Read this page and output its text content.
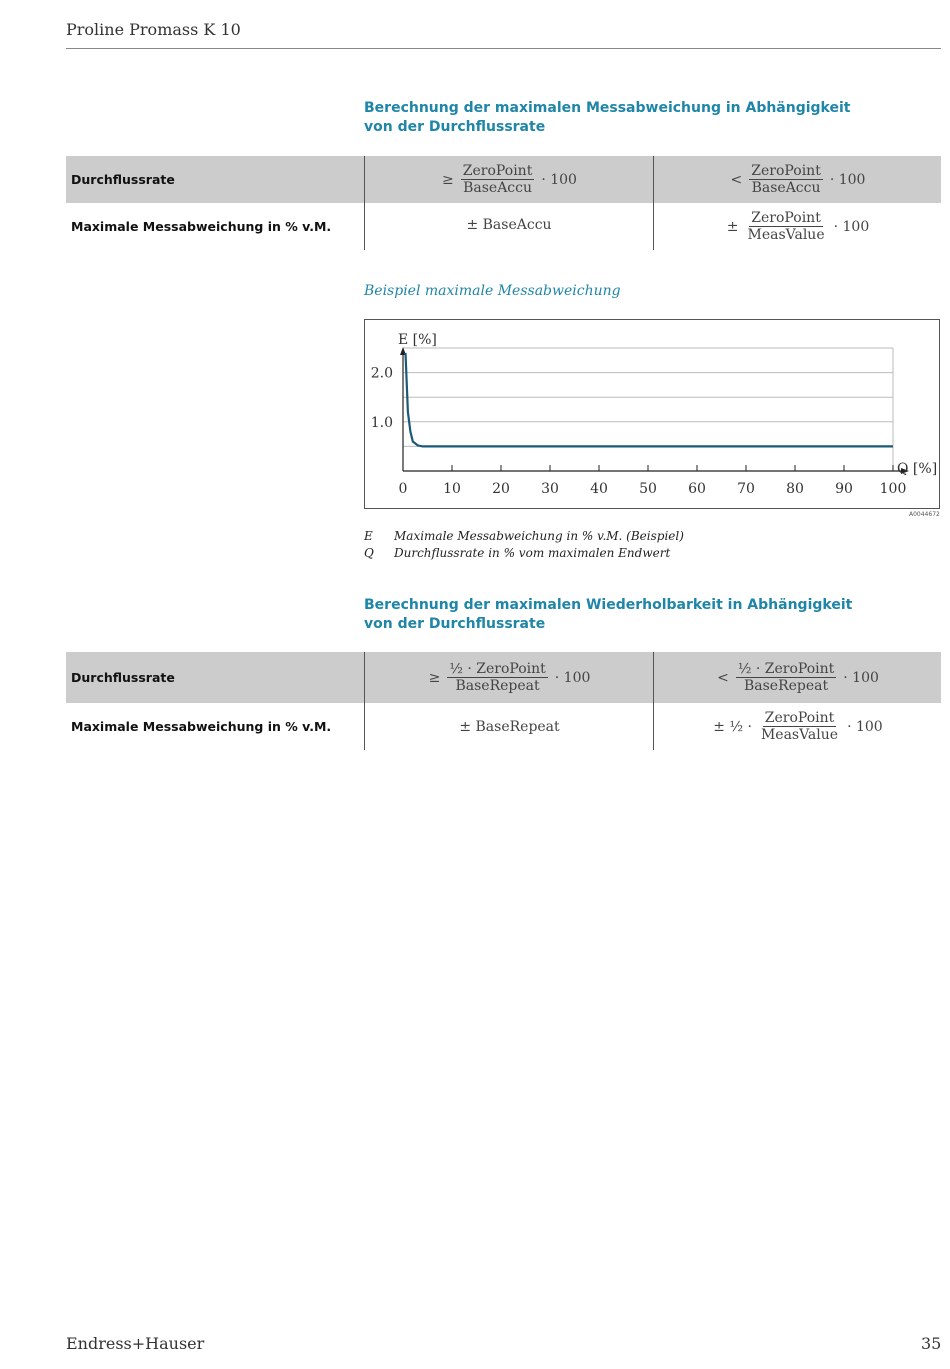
Proline Promass K 10
Berechnung der maximalen Messabweichung in Abhängigkeit von der Durchflussrate
Durchflussrate	≥ $\frac{\text{ZeroPoint}}{\text{BaseAccu}} \cdot 100$	< $\frac{\text{ZeroPoint}}{\text{BaseAccu}} \cdot 100$
Maximale Messabweichung in % v.M.	± BaseAccu	± $\frac{\text{ZeroPoint}}{\text{MeasValue}} \cdot 100$
Beispiel maximale Messabweichung
0	10 20 30 40 50 60 70 80 90 100
1.0
2.0
E [%]
Q [%]
A0044672
E	Maximale Messabweichung in % v.M. (Beispiel)
Q	Durchflussrate in % vom maximalen Endwert
Berechnung der maximalen Wiederholbarkeit in Abhängigkeit von der Durchflussrate
Durchflussrate	≥ $\frac{\text{½ · ZeroPoint}}{\text{BaseRepeat}} \cdot 100$	< $\frac{\text{½ · ZeroPoint}}{\text{BaseRepeat}} \cdot 100$
Maximale Messabweichung in % v.M.	± BaseRepeat	± ½ · $\frac{\text{ZeroPoint}}{\text{MeasValue}} \cdot 100$
Endress+Hauser	35
